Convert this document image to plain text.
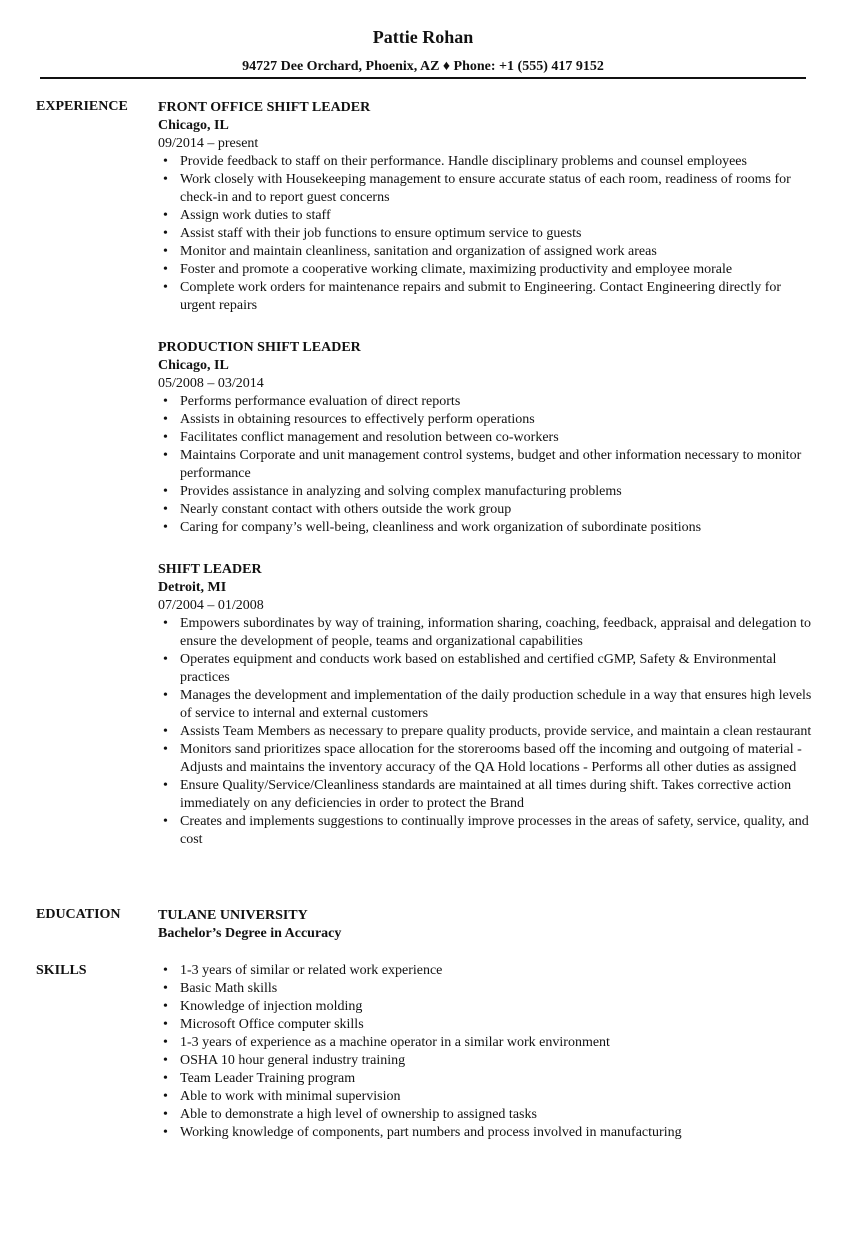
Pattie Rohan
94727 Dee Orchard, Phoenix, AZ ♦ Phone: +1 (555) 417 9152
EXPERIENCE FRONT OFFICE SHIFT LEADER
Chicago, IL
09/2014 – present
• Provide feedback to staff on their performance. Handle disciplinary problems and counsel employees
• Work closely with Housekeeping management to ensure accurate status of each room, readiness of rooms for check-in and to report guest concerns
• Assign work duties to staff
• Assist staff with their job functions to ensure optimum service to guests
• Monitor and maintain cleanliness, sanitation and organization of assigned work areas
• Foster and promote a cooperative working climate, maximizing productivity and employee morale
• Complete work orders for maintenance repairs and submit to Engineering. Contact Engineering directly for urgent repairs
PRODUCTION SHIFT LEADER
Chicago, IL
05/2008 – 03/2014
• Performs performance evaluation of direct reports
• Assists in obtaining resources to effectively perform operations
• Facilitates conflict management and resolution between co-workers
• Maintains Corporate and unit management control systems, budget and other information necessary to monitor performance
• Provides assistance in analyzing and solving complex manufacturing problems
• Nearly constant contact with others outside the work group
• Caring for company’s well-being, cleanliness and work organization of subordinate positions
SHIFT LEADER
Detroit, MI
07/2004 – 01/2008
• Empowers subordinates by way of training, information sharing, coaching, feedback, appraisal and delegation to ensure the development of people, teams and organizational capabilities
• Operates equipment and conducts work based on established and certified cGMP, Safety & Environmental practices
• Manages the development and implementation of the daily production schedule in a way that ensures high levels of service to internal and external customers
• Assists Team Members as necessary to prepare quality products, provide service, and maintain a clean restaurant
• Monitors sand prioritizes space allocation for the storerooms based off the incoming and outgoing of material - Adjusts and maintains the inventory accuracy of the QA Hold locations - Performs all other duties as assigned
• Ensure Quality/Service/Cleanliness standards are maintained at all times during shift. Takes corrective action immediately on any deficiencies in order to protect the Brand
• Creates and implements suggestions to continually improve processes in the areas of safety, service, quality, and cost
EDUCATION	TULANE UNIVERSITY
Bachelor’s Degree in Accuracy
SKILLS
•	1-3 years of similar or related work experience
• Basic Math skills
• Knowledge of injection molding
• Microsoft Office computer skills
• 1-3 years of experience as a machine operator in a similar work environment
• OSHA 10 hour general industry training
• Team Leader Training program
• Able to work with minimal supervision
• Able to demonstrate a high level of ownership to assigned tasks
• Working knowledge of components, part numbers and process involved in manufacturing
